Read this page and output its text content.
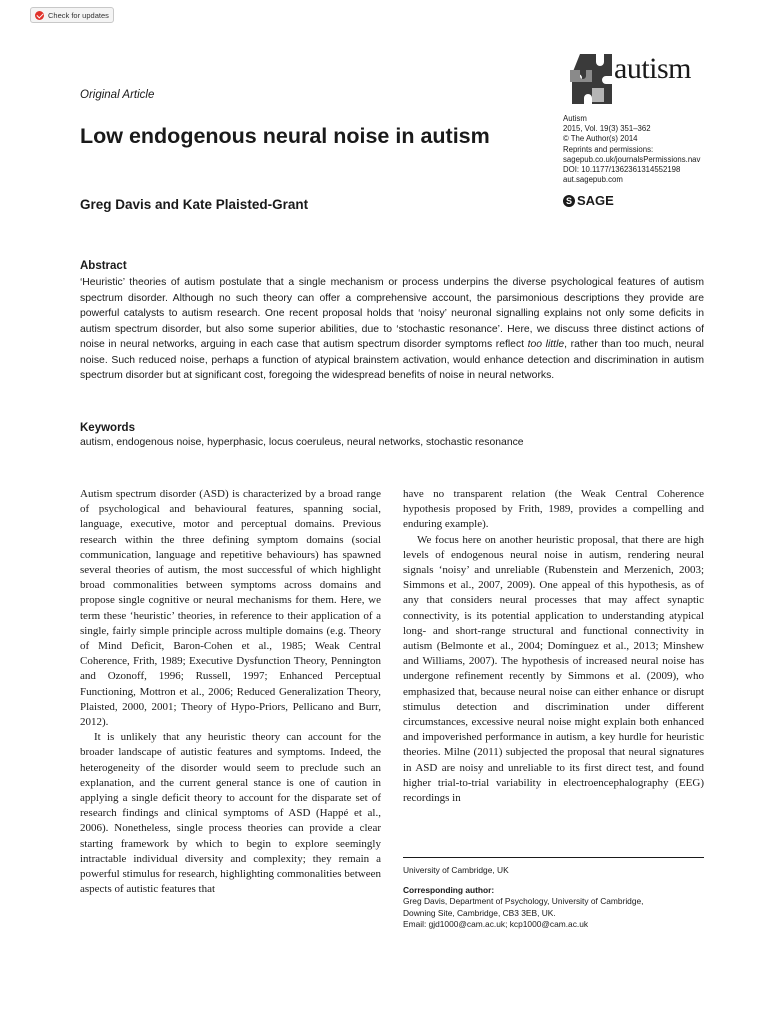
Check for updates
Original Article
autism
Low endogenous neural noise in autism
Greg Davis and Kate Plaisted-Grant
Autism
2015, Vol. 19(3) 351–362
© The Author(s) 2014
Reprints and permissions:
sagepub.co.uk/journalsPermissions.nav
DOI: 10.1177/1362361314552198
aut.sagepub.com
S SAGE
Abstract
‘Heuristic’ theories of autism postulate that a single mechanism or process underpins the diverse psychological features of autism spectrum disorder. Although no such theory can offer a comprehensive account, the parsimonious descriptions they provide are powerful catalysts to autism research. One recent proposal holds that ‘noisy’ neuronal signalling explains not only some deficits in autism spectrum disorder, but also some superior abilities, due to ‘stochastic resonance’. Here, we discuss three distinct actions of noise in neural networks, arguing in each case that autism spectrum disorder symptoms reflect too little, rather than too much, neural noise. Such reduced noise, perhaps a function of atypical brainstem activation, would enhance detection and discrimination in autism spectrum disorder but at significant cost, foregoing the widespread benefits of noise in neural networks.
Keywords
autism, endogenous noise, hyperphasic, locus coeruleus, neural networks, stochastic resonance

Autism spectrum disorder (ASD) is characterized by a broad range of psychological and behavioural features, spanning social, language, executive, motor and perceptual domains. Previous research within the three defining symptom domains (social communication, language and repetitive behaviours) has spawned several theories of autism, the most successful of which highlight broad commonalities between symptoms across domains and propose single cognitive or neural mechanisms for them. Here, we term these ‘heuristic’ theories, in reference to their application of a single, fairly simple principle across multiple domains (e.g. Theory of Mind Deficit, Baron-Cohen et al., 1985; Weak Central Coherence, Frith, 1989; Executive Dysfunction Theory, Pennington and Ozonoff, 1996; Russell, 1997; Enhanced Perceptual Functioning, Mottron et al., 2006; Reduced Generalization Theory, Plaisted, 2000, 2001; Theory of Hypo-Priors, Pellicano and Burr, 2012).

It is unlikely that any heuristic theory can account for the broader landscape of autistic features and symptoms. Indeed, the heterogeneity of the disorder would seem to preclude such an explanation, and the current general stance is one of caution in applying a single deficit theory to account for the disparate set of research findings and clinical symptoms of ASD (Happé et al., 2006). Nonetheless, single process theories can provide a clear starting framework by which to begin to explore seemingly intractable individual diversity and complexity; they remain a powerful stimulus for research, highlighting commonalities between aspects of autistic features that

have no transparent relation (the Weak Central Coherence hypothesis proposed by Frith, 1989, provides a compelling and enduring example).

We focus here on another heuristic proposal, that there are high levels of endogenous neural noise in autism, rendering neural signals ‘noisy’ and unreliable (Rubenstein and Merzenich, 2003; Simmons et al., 2007, 2009). One appeal of this hypothesis, as of any that considers neural processes that may affect synaptic connectivity, is its potential application to understanding atypical long- and short-range structural and functional connectivity in autism (Belmonte et al., 2004; Domínguez et al., 2013; Minshew and Williams, 2007). The hypothesis of increased neural noise has undergone refinement recently by Simmons et al. (2009), who emphasized that, because neural noise can either enhance or disrupt stimulus detection and discrimination under different circumstances, excessive neural noise might explain both enhanced and impoverished performance in autism, a key hurdle for heuristic theories. Milne (2011) subjected the proposal that neural signatures in ASD are noisy and unreliable to its first direct test, and found higher trial-to-trial variability in electroencephalography (EEG) recordings in

University of Cambridge, UK
Corresponding author:
Greg Davis, Department of Psychology, University of Cambridge,
Downing Site, Cambridge, CB3 3EB, UK.
Email: gjd1000@cam.ac.uk; kcp1000@cam.ac.uk
